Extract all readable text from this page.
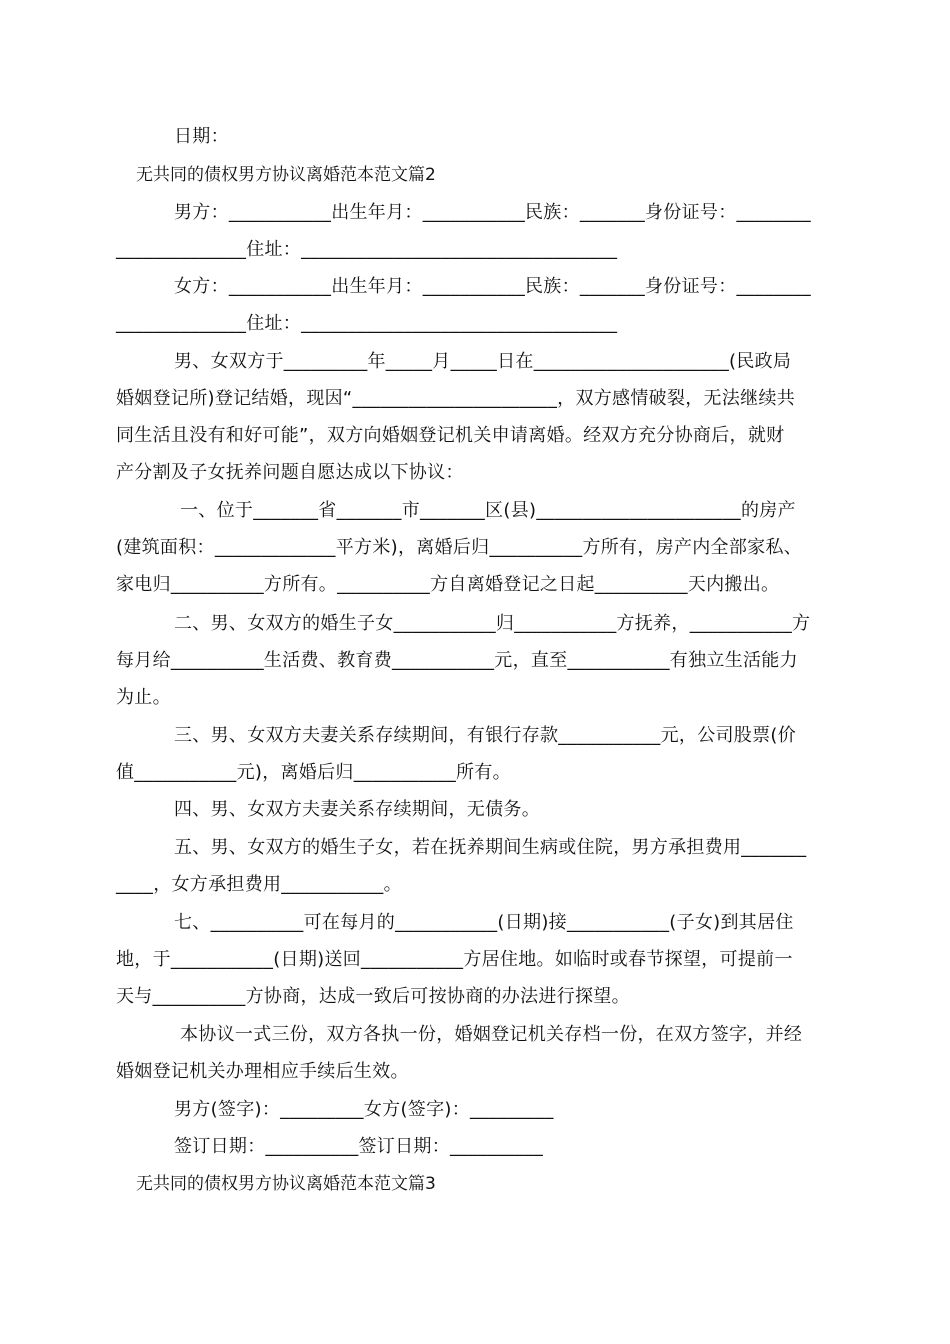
日期：
无共同的债权男方协议离婚范本范文篇2
男方：___________出生年月：___________民族：_______身份证号：________
______________住址：__________________________________
女方：___________出生年月：___________民族：_______身份证号：________
______________住址：__________________________________
男、女双方于_________年_____月_____日在_____________________(民政局
婚姻登记所)登记结婚，现因“______________________，双方感情破裂，无法继续共
同生活且没有和好可能”，双方向婚姻登记机关申请离婚。经双方充分协商后，就财
产分割及子女抚养问题自愿达成以下协议：
一、位于_______省_______市_______区(县)______________________的房产
(建筑面积：_____________平方米)，离婚后归__________方所有，房产内全部家私、
家电归__________方所有。__________方自离婚登记之日起__________天内搬出。
二、男、女双方的婚生子女___________归___________方抚养，___________方
每月给__________生活费、教育费___________元，直至___________有独立生活能力
为止。
三、男、女双方夫妻关系存续期间，有银行存款___________元，公司股票(价
值___________元)，离婚后归___________所有。
四、男、女双方夫妻关系存续期间，无债务。
五、男、女双方的婚生子女，若在抚养期间生病或住院，男方承担费用_______
____，女方承担费用___________。
七、__________可在每月的___________(日期)接___________(子女)到其居住
地，于___________(日期)送回___________方居住地。如临时或春节探望，可提前一
天与__________方协商，达成一致后可按协商的办法进行探望。
本协议一式三份，双方各执一份，婚姻登记机关存档一份，在双方签字，并经
婚姻登记机关办理相应手续后生效。
男方(签字)：_________女方(签字)：_________
签订日期：__________签订日期：__________
无共同的债权男方协议离婚范本范文篇3
